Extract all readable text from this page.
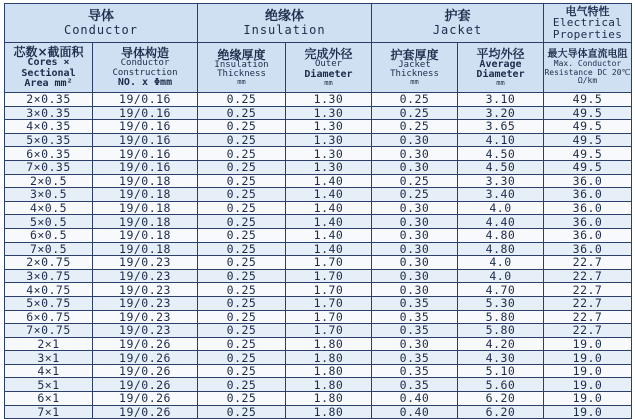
导体
Conductor		绝缘体
Insulation		护套
Jacket		电气特性
Electrical
Properties

芯数×截面积
Cores ×
Sectional
Area mm²	导体构造
Conductor
Construction
NO. x Φmm	绝缘厚度
Insulation
Thickness
mm	完成外径
Outer
Diameter
mm	护套厚度
Jacket
Thickness
mm	平均外径
Average
Diameter
mm	最大导体直流电阻
Max. Conductor
Resistance DC 20℃
Ω/km

2×0.35	19/0.16	0.25	1.30	0.25	3.10	49.5
3×0.35	19/0.16	0.25	1.30	0.25	3.20	49.5
4×0.35	19/0.16	0.25	1.30	0.25	3.65	49.5
5×0.35	19/0.16	0.25	1.30	0.30	4.10	49.5
6×0.35	19/0.16	0.25	1.30	0.30	4.50	49.5
7×0.35	19/0.16	0.25	1.30	0.30	4.50	49.5
2×0.5	19/0.18	0.25	1.40	0.25	3.30	36.0
3×0.5	19/0.18	0.25	1.40	0.25	3.40	36.0
4×0.5	19/0.18	0.25	1.40	0.30	4.0	36.0
5×0.5	19/0.18	0.25	1.40	0.30	4.40	36.0
6×0.5	19/0.18	0.25	1.40	0.30	4.80	36.0
7×0.5	19/0.18	0.25	1.40	0.30	4.80	36.0
2×0.75	19/0.23	0.25	1.70	0.30	4.0	22.7
3×0.75	19/0.23	0.25	1.70	0.30	4.0	22.7
4×0.75	19/0.23	0.25	1.70	0.30	4.70	22.7
5×0.75	19/0.23	0.25	1.70	0.35	5.30	22.7
6×0.75	19/0.23	0.25	1.70	0.35	5.80	22.7
7×0.75	19/0.23	0.25	1.70	0.35	5.80	22.7
2×1	19/0.26	0.25	1.80	0.30	4.20	19.0
3×1	19/0.26	0.25	1.80	0.35	4.30	19.0
4×1	19/0.26	0.25	1.80	0.35	5.10	19.0
5×1	19/0.26	0.25	1.80	0.35	5.60	19.0
6×1	19/0.26	0.25	1.80	0.40	6.20	19.0
7×1	19/0.26	0.25	1.80	0.40	6.20	19.0
